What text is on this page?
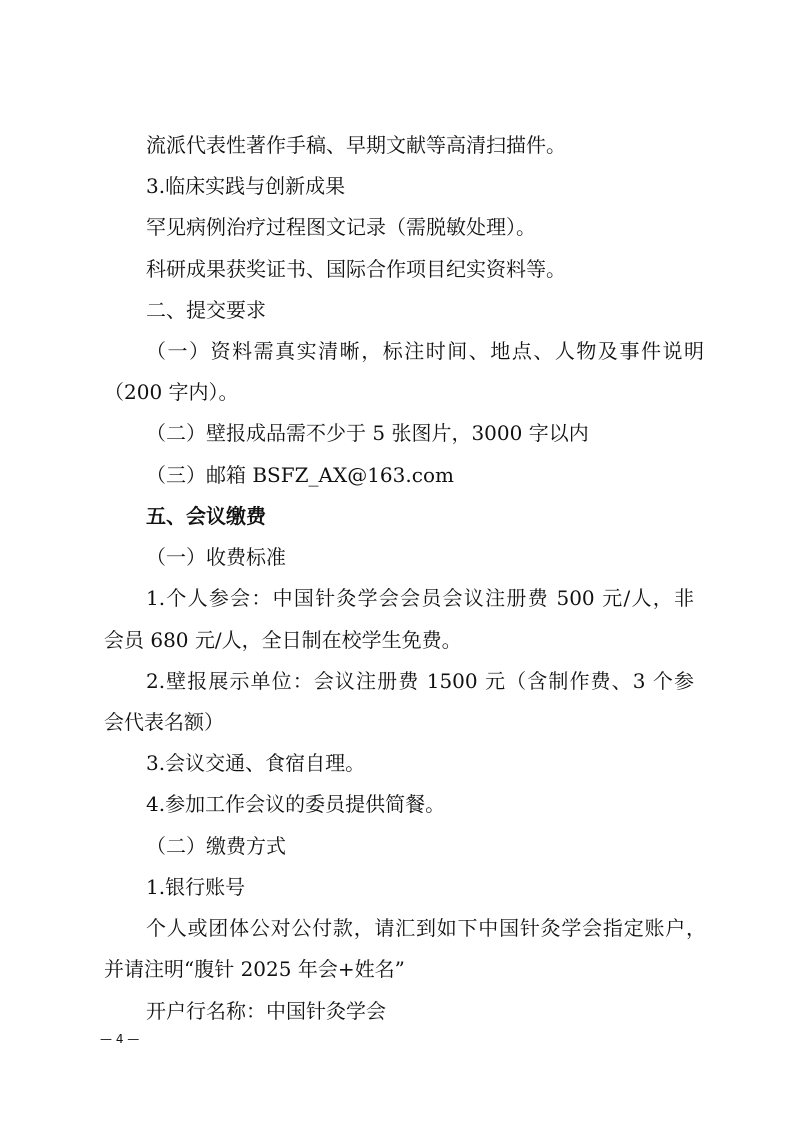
流派代表性著作手稿、早期文献等高清扫描件。
3.临床实践与创新成果
罕见病例治疗过程图文记录（需脱敏处理）。
科研成果获奖证书、国际合作项目纪实资料等。
二、提交要求
（一）资料需真实清晰，标注时间、地点、人物及事件说明
（200 字内）。
（二）壁报成品需不少于 5 张图片，3000 字以内
（三）邮箱 BSFZ_AX@163.com
五、会议缴费
（一）收费标准
1.个人参会：中国针灸学会会员会议注册费 500 元/人，非
会员 680 元/人，全日制在校学生免费。
2.壁报展示单位：会议注册费 1500 元（含制作费、3 个参
会代表名额）
3.会议交通、食宿自理。
4.参加工作会议的委员提供简餐。
（二）缴费方式
1.银行账号
个人或团体公对公付款，请汇到如下中国针灸学会指定账户，
并请注明“腹针 2025 年会+姓名”
开户行名称：中国针灸学会
— 4 —
